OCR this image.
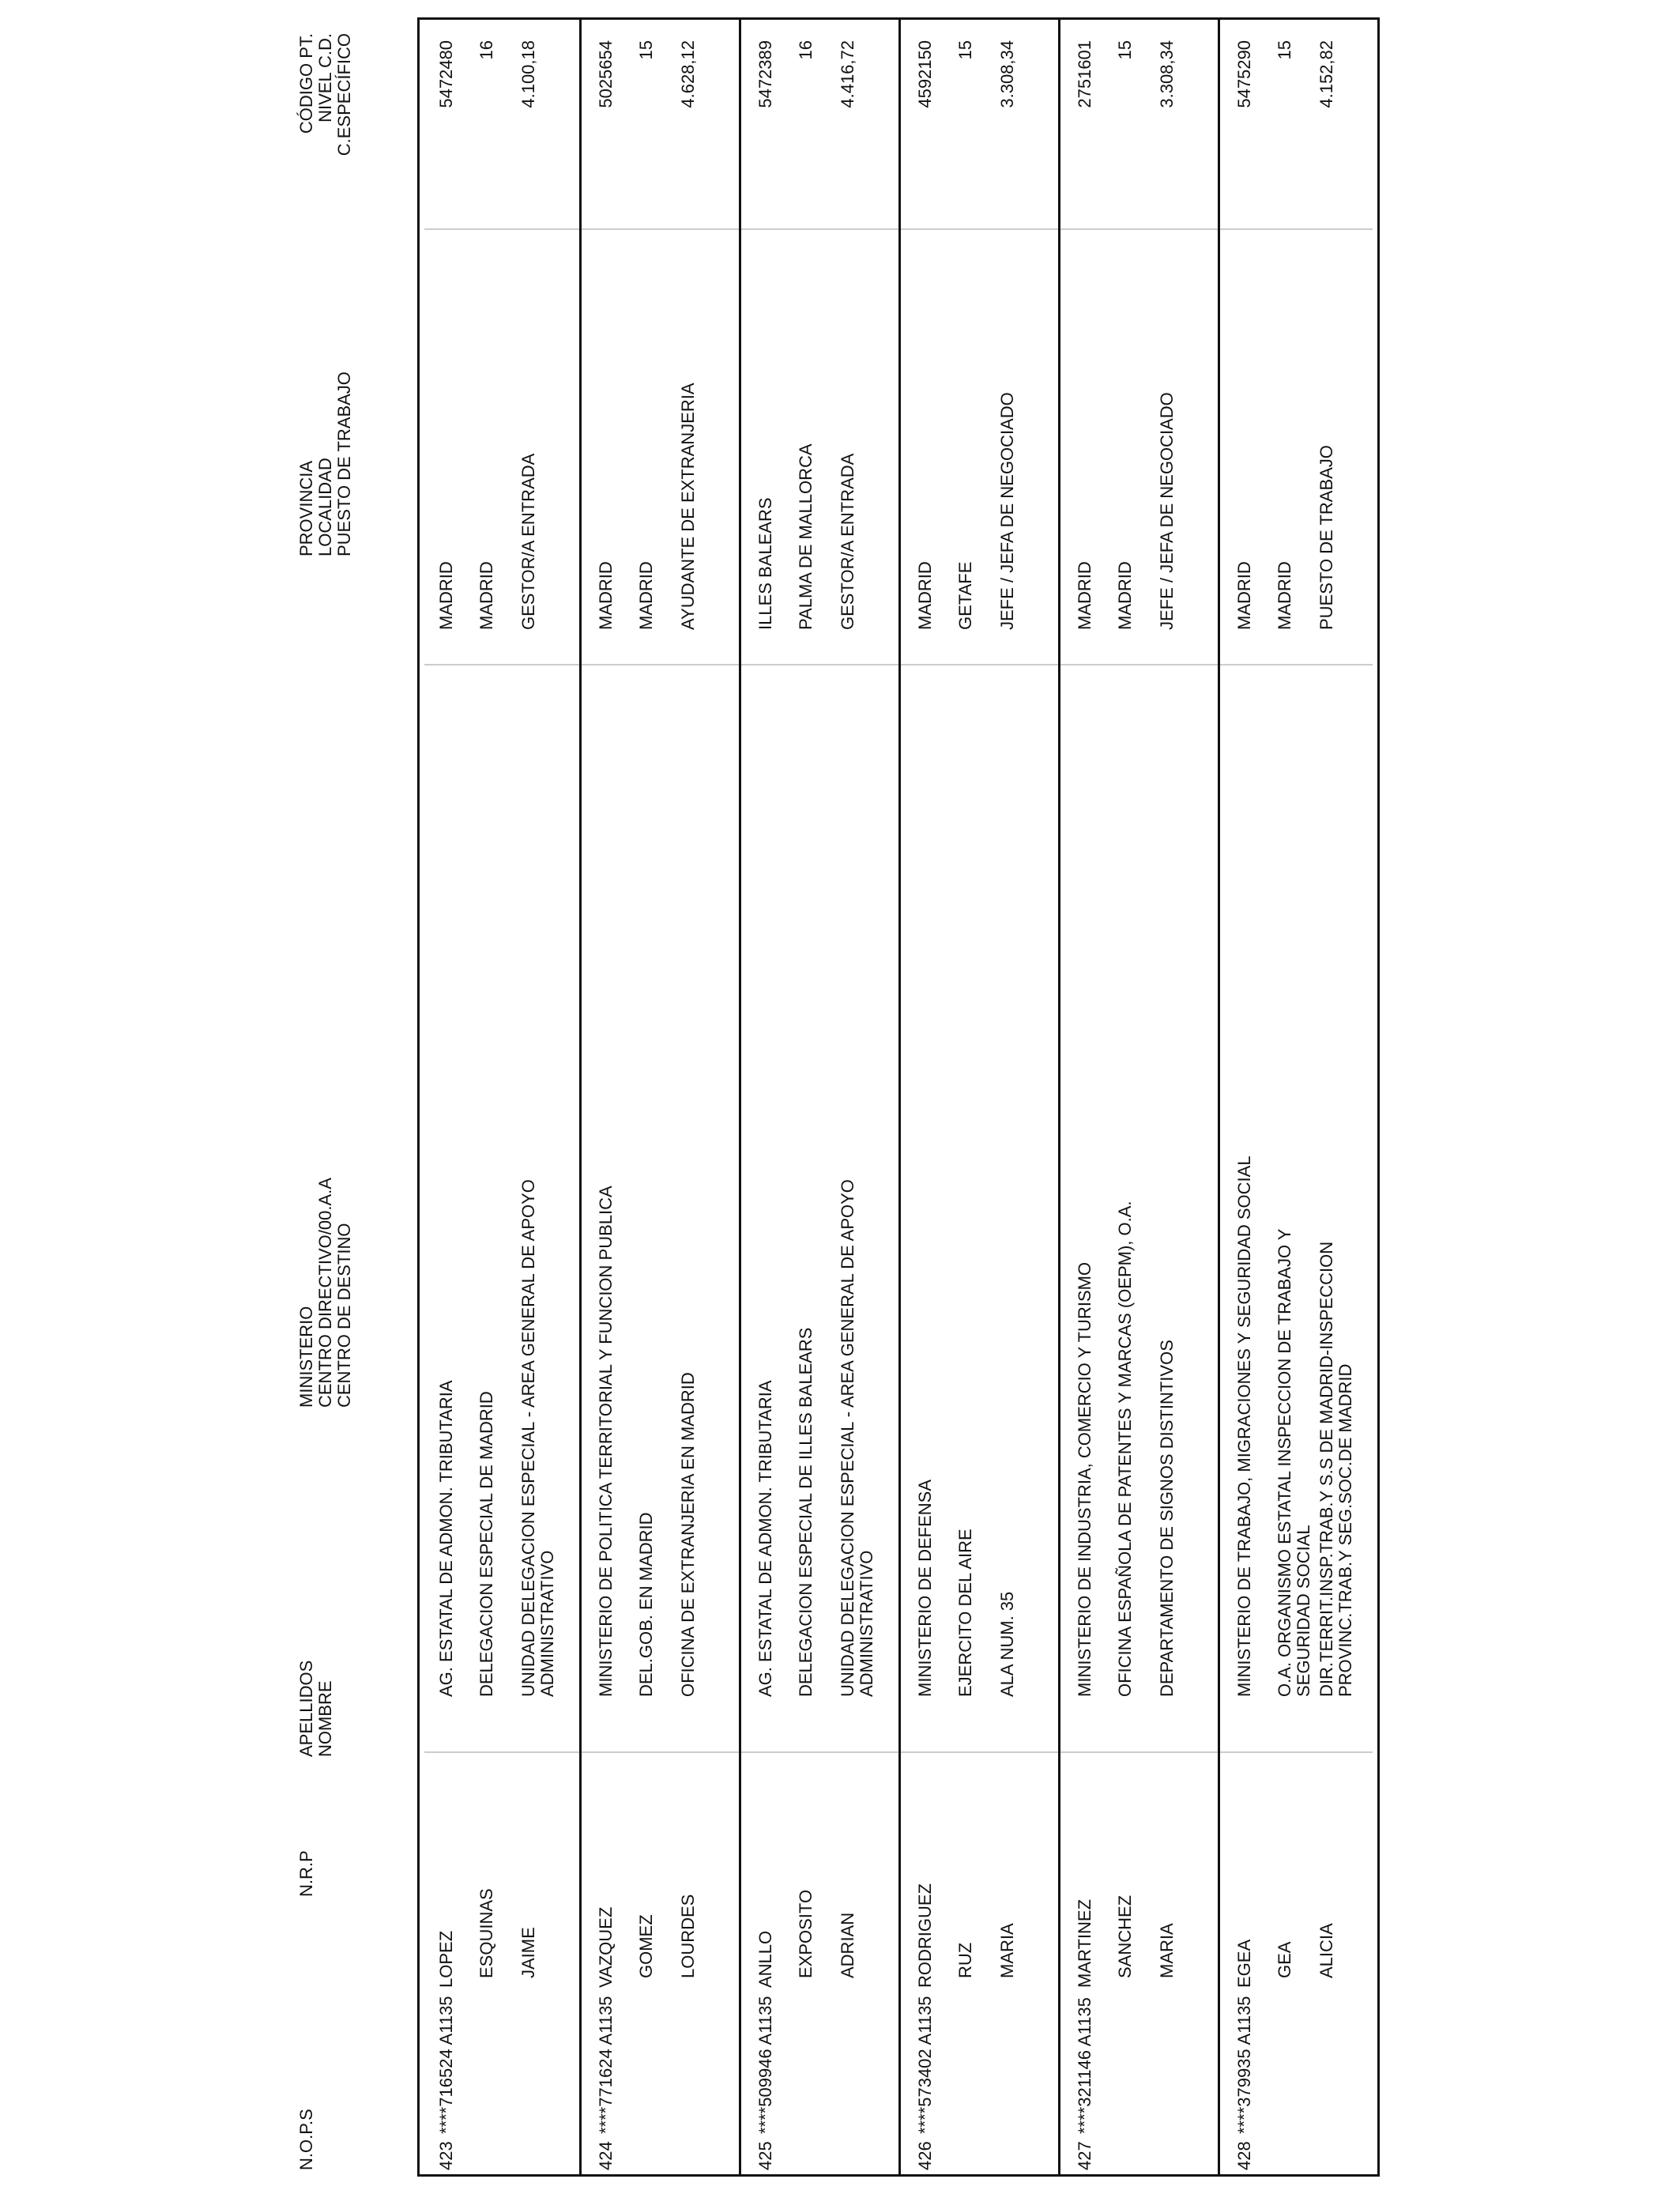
N.O.P.S
N.R.P
APELLIDOS NOMBRE
MINISTERIO CENTRO DIRECTIVO/00.A.A CENTRO DE DESTINO
PROVINCIA LOCALIDAD PUESTO DE TRABAJO
CÓDIGO PT. NIVEL C.D. C.ESPECÍFICO
423
****716524 A1135
LOPEZ ESQUINAS JAIME
AG. ESTATAL DE ADMON. TRIBUTARIA DELEGACION ESPECIAL DE MADRID UNIDAD DELEGACION ESPECIAL - AREA GENERAL DE APOYO ADMINISTRATIVO
MADRID MADRID GESTOR/A ENTRADA
5472480 16 4.100,18
424
****771624 A1135
VAZQUEZ GOMEZ LOURDES
MINISTERIO DE POLITICA TERRITORIAL Y FUNCION PUBLICA DEL.GOB. EN MADRID OFICINA DE EXTRANJERIA EN MADRID
MADRID MADRID AYUDANTE DE EXTRANJERIA
5025654 15 4.628,12
425
****509946 A1135
ANLLO EXPOSITO ADRIAN
AG. ESTATAL DE ADMON. TRIBUTARIA DELEGACION ESPECIAL DE ILLES BALEARS UNIDAD DELEGACION ESPECIAL - AREA GENERAL DE APOYO ADMINISTRATIVO
ILLES BALEARS PALMA DE MALLORCA GESTOR/A ENTRADA
5472389 16 4.416,72
426
****573402 A1135
RODRIGUEZ RUZ MARIA
MINISTERIO DE DEFENSA EJERCITO DEL AIRE ALA NUM. 35
MADRID GETAFE JEFE / JEFA DE NEGOCIADO
4592150 15 3.308,34
427
****321146 A1135
MARTINEZ SANCHEZ MARIA
MINISTERIO DE INDUSTRIA, COMERCIO Y TURISMO OFICINA ESPAÑOLA DE PATENTES Y MARCAS (OEPM), O.A. DEPARTAMENTO DE SIGNOS DISTINTIVOS
MADRID MADRID JEFE / JEFA DE NEGOCIADO
2751601 15 3.308,34
428
****379935 A1135
EGEA GEA ALICIA
MINISTERIO DE TRABAJO, MIGRACIONES Y SEGURIDAD SOCIAL O.A. ORGANISMO ESTATAL INSPECCION DE TRABAJO Y SEGURIDAD SOCIAL DIR.TERRIT.INSP.TRAB.Y S.S DE MADRID-INSPECCION PROVINC.TRAB.Y SEG.SOC.DE MADRID
MADRID MADRID PUESTO DE TRABAJO
5475290 15 4.152,82
